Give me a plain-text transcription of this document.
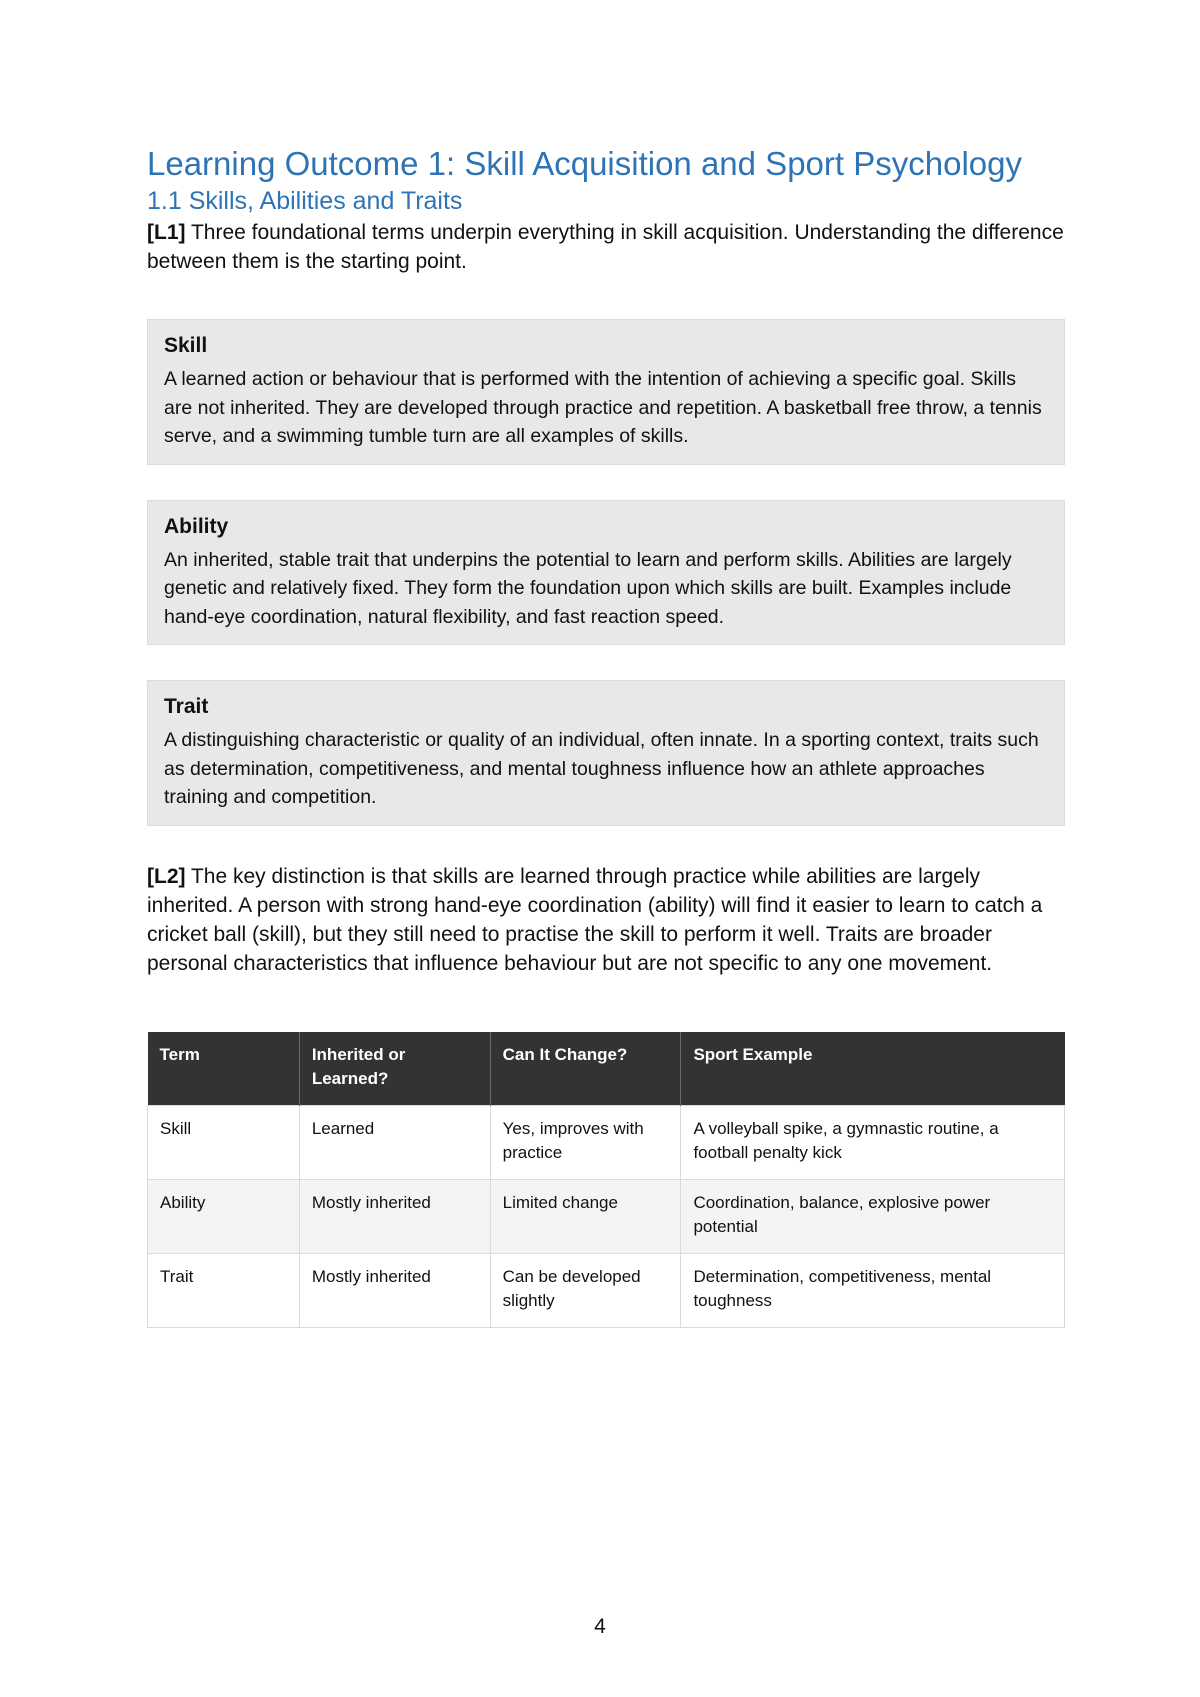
Learning Outcome 1: Skill Acquisition and Sport Psychology
1.1 Skills, Abilities and Traits

[L1] Three foundational terms underpin everything in skill acquisition. Understanding the difference between them is the starting point.

Skill
A learned action or behaviour that is performed with the intention of achieving a specific goal. Skills are not inherited. They are developed through practice and repetition. A basketball free throw, a tennis serve, and a swimming tumble turn are all examples of skills.
Ability
An inherited, stable trait that underpins the potential to learn and perform skills. Abilities are largely genetic and relatively fixed. They form the foundation upon which skills are built. Examples include hand-eye coordination, natural flexibility, and fast reaction speed.
Trait
A distinguishing characteristic or quality of an individual, often innate. In a sporting context, traits such as determination, competitiveness, and mental toughness influence how an athlete approaches training and competition.

[L2] The key distinction is that skills are learned through practice while abilities are largely inherited. A person with strong hand-eye coordination (ability) will find it easier to learn to catch a cricket ball (skill), but they still need to practise the skill to perform it well. Traits are broader personal characteristics that influence behaviour but are not specific to any one movement.

Term	Inherited or Learned?	Can It Change?	Sport Example
Skill	Learned	Yes, improves with practice	A volleyball spike, a gymnastic routine, a football penalty kick
Ability	Mostly inherited	Limited change	Coordination, balance, explosive power potential
Trait	Mostly inherited	Can be developed slightly	Determination, competitiveness, mental toughness
4
